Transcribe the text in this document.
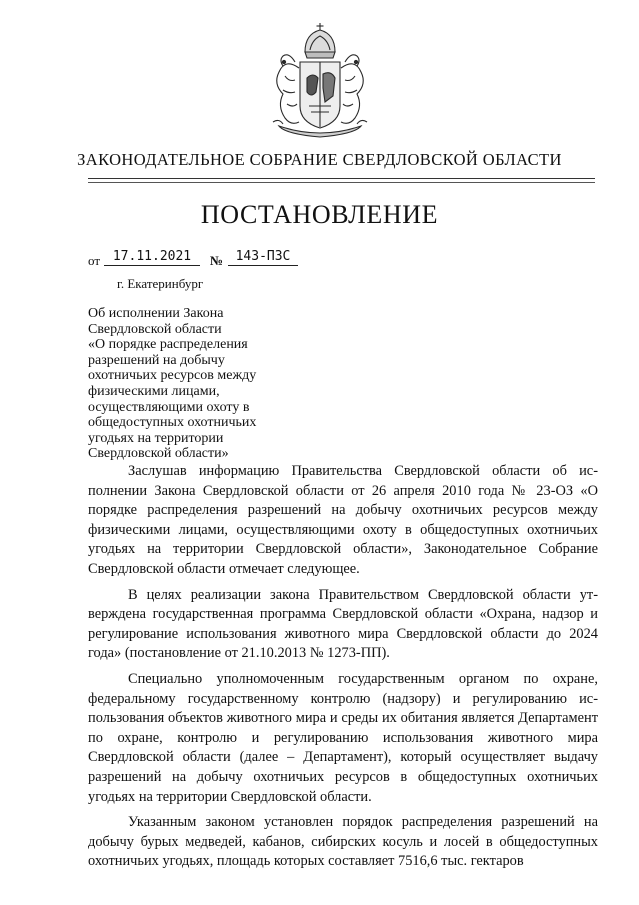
ЗАКОНОДАТЕЛЬНОЕ СОБРАНИЕ СВЕРДЛОВСКОЙ ОБЛАСТИ
ПОСТАНОВЛЕНИЕ
от 17.11.2021	№ 143-ПЗС
г. Екатеринбург
Об исполнении Закона
Свердловской области
«О порядке распределения
разрешений на добычу
охотничьих ресурсов между
физическими лицами,
осуществляющими охоту в
общедоступных охотничьих
угодьях на территории
Свердловской области»

Заслушав информацию Правительства Свердловской области об исполнении Закона Свердловской области от 26 апреля 2010 года № 23-ОЗ «О порядке распределения разрешений на добычу охотничьих ресурсов между физическими лицами, осуществляющими охоту в общедоступных охотничьих угодьях на территории Свердловской области», Законодательное Собрание Свердловской области отмечает следующее.

В целях реализации закона Правительством Свердловской области утверждена государственная программа Свердловской области «Охрана, надзор и регулирование использования животного мира Свердловской области до 2024 года» (постановление от 21.10.2013 № 1273-ПП).

Специально уполномоченным государственным органом по охране, федеральному государственному контролю (надзору) и регулированию использования объектов животного мира и среды их обитания является Департамент по охране, контролю и регулированию использования животного мира Свердловской области (далее – Департамент), который осуществляет выдачу разрешений на добычу охотничьих ресурсов в общедоступных охотничьих угодьях на территории Свердловской области.

Указанным законом установлен порядок распределения разрешений на добычу бурых медведей, кабанов, сибирских косуль и лосей в общедоступных охотничьих угодьях, площадь которых составляет 7516,6 тыс. гектаров
